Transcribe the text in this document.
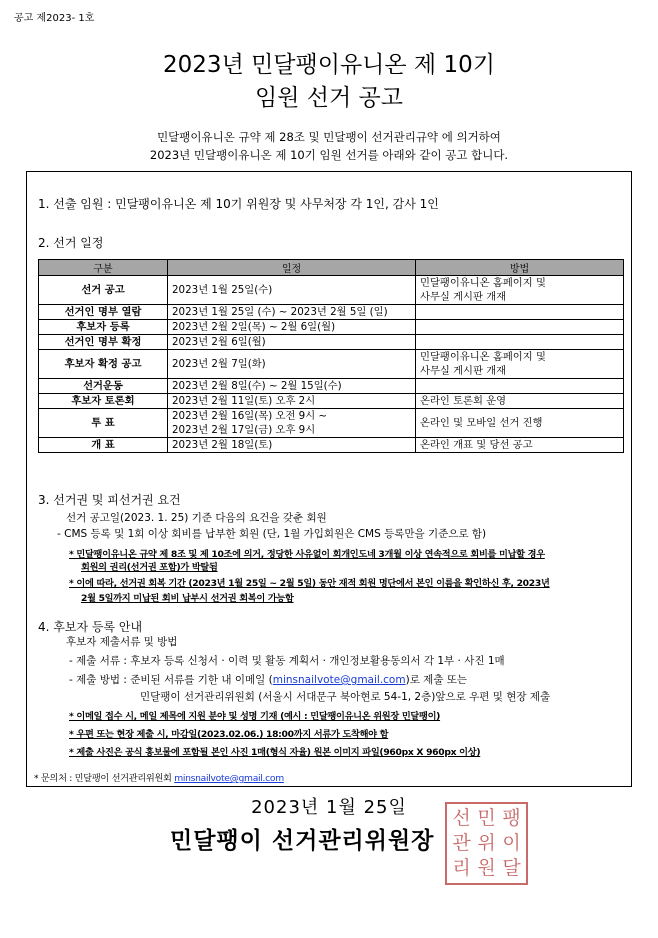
공고 제2023- 1호
2023년 민달팽이유니온 제 10기
임원 선거 공고
민달팽이유니온 규약 제 28조 및 민달팽이 선거관리규약 에 의거하여
2023년 민달팽이유니온 제 10기 임원 선거를 아래와 같이 공고 합니다.
1. 선출 임원 : 민달팽이유니온 제 10기 위원장 및 사무처장 각 1인, 감사 1인
2. 선거 일정
구분	일정	방법
선거 공고	2023년 1월 25일(수)	민달팽이유니온 홈페이지 및
사무실 게시판 개재
선거인 명부 열람	2023년 1월 25일 (수) ~ 2023년 2월 5일 (일)	
후보자 등록	2023년 2월 2일(목) ~ 2월 6일(월)	
선거인 명부 확정	2023년 2월 6일(월)	
후보자 확정 공고	2023년 2월 7일(화)	민달팽이유니온 홈페이지 및
사무실 게시판 개재
선거운동	2023년 2월 8일(수) ~ 2월 15일(수)	
후보자 토론회	2023년 2월 11일(토) 오후 2시	온라인 토론회 운영
투 표	2023년 2월 16일(목) 오전 9시 ~
2023년 2월 17일(금) 오후 9시	온라인 및 모바일 선거 진행
개 표	2023년 2월 18일(토)	온라인 개표 및 당선 공고
3. 선거권 및 피선거권 요건
선거 공고일(2023. 1. 25) 기준 다음의 요건을 갖춘 회원
- CMS 등록 및 1회 이상 회비를 납부한 회원 (단, 1월 가입회원은 CMS 등록만을 기준으로 함)
* 민달팽이유니온 규약 제 8조 및 제 10조에 의거, 정당한 사유없이 회개인도네 3개월 이상 연속적으로 회비를 미납할 경우
회원의 권리(선거권 포함)가 박탈됨
* 이에 따라, 선거권 회복 기간 (2023년 1월 25일 ~ 2월 5일) 동안 재적 회원 명단에서 본인 이름을 확인하신 후, 2023년
2월 5일까지 미납된 회비 납부시 선거권 회복이 가능함
4. 후보자 등록 안내
후보자 제출서류 및 방법
- 제출 서류 : 후보자 등록 신청서 · 이력 및 활동 계획서 · 개인정보활용동의서 각 1부 · 사진 1매
- 제출 방법 : 준비된 서류를 기한 내 이메일 (minsnailvote@gmail.com)로 제출 또는
민달팽이 선거관리위원회 (서울시 서대문구 북아현로 54-1, 2층)앞으로 우편 및 현장 제출
* 이메일 접수 시, 메일 제목에 지원 분야 및 성명 기재 (예시 : 민달팽이유니온 위원장 민달팽이)
* 우편 또는 현장 제출 시, 마감일(2023.02.06.) 18:00까지 서류가 도착해야 함
* 제출 사진은 공식 홍보물에 포함될 본인 사진 1매(형식 자율) 원본 이미지 파일(960px X 960px 이상)
* 문의처 : 민달팽이 선거관리위원회 minsnailvote@gmail.com
2023년 1월 25일
민달팽이 선거관리위원장
선 민 팽
관 위 이
리 원 달
